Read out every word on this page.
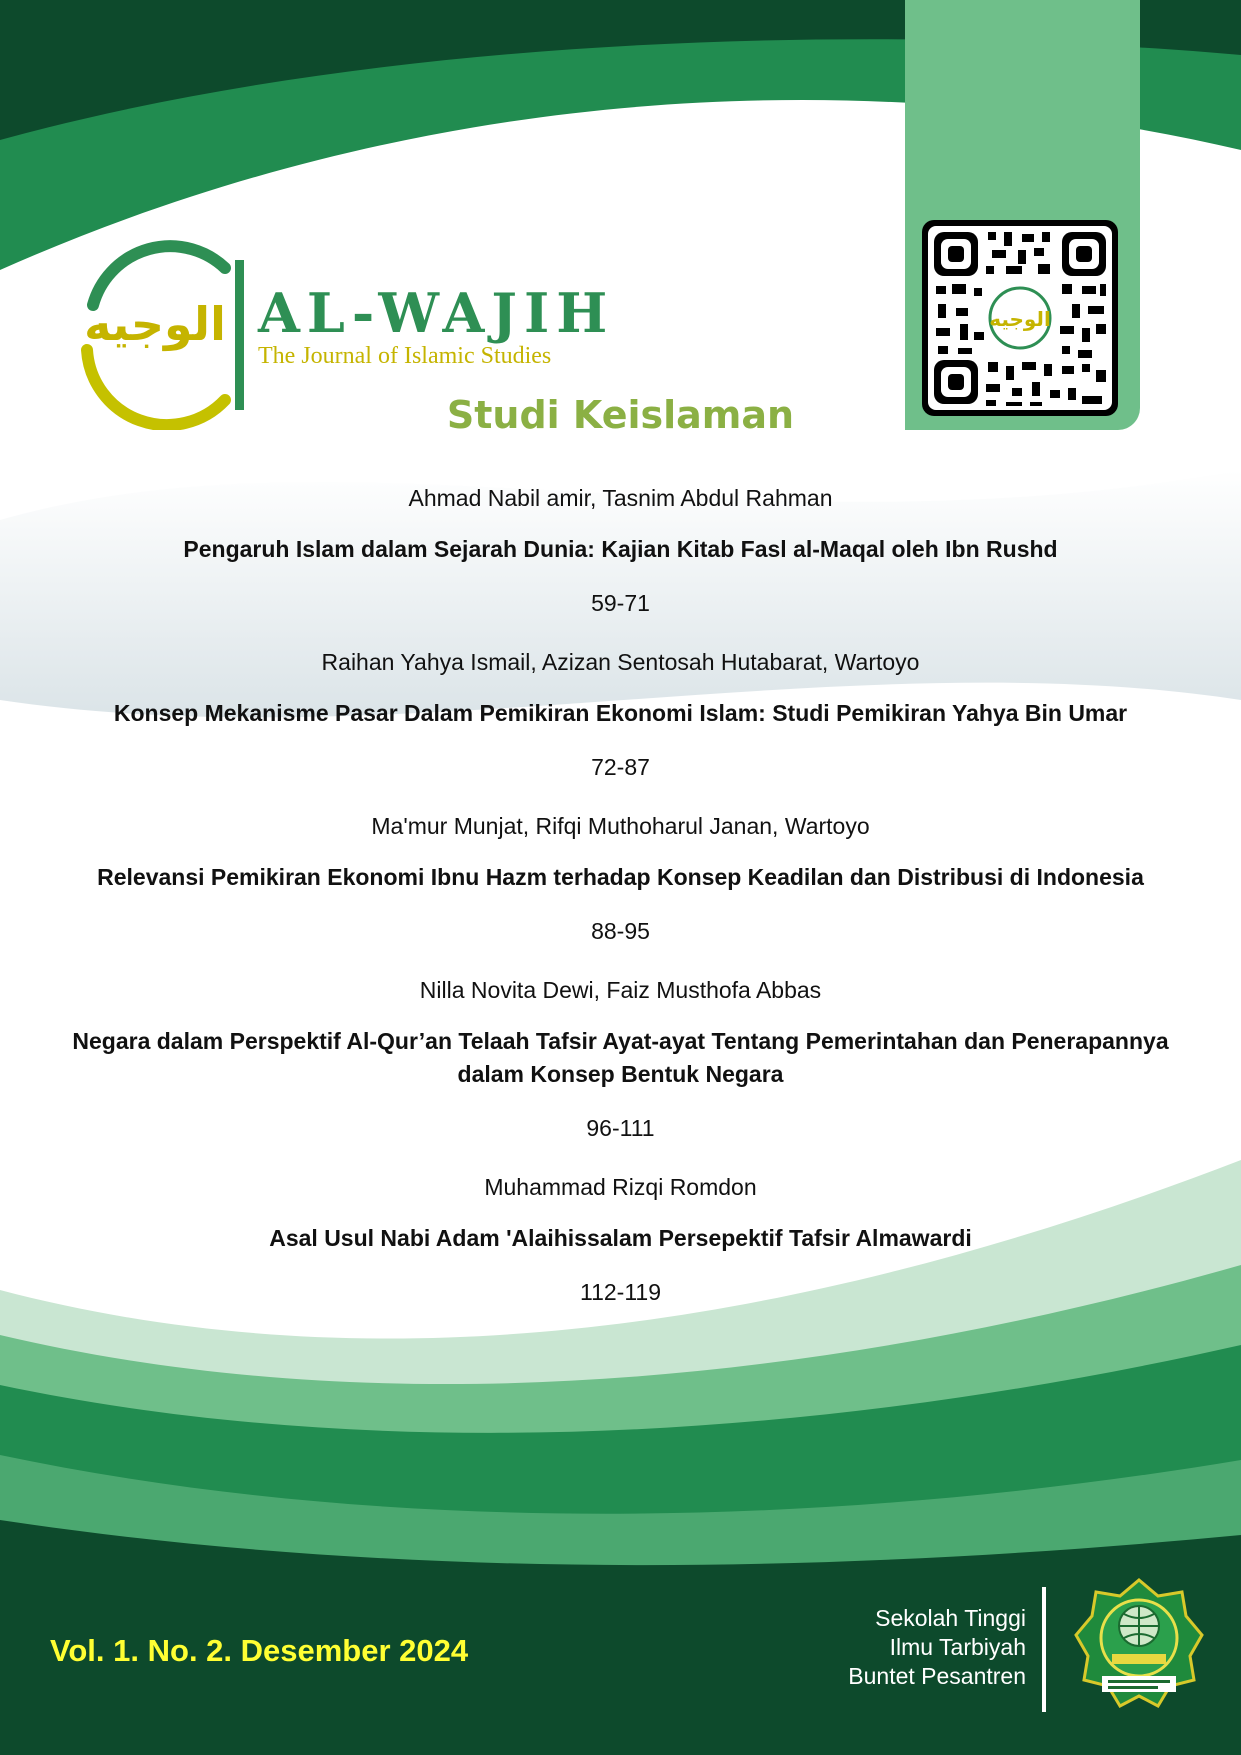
الوجيه
الوجيه AL-WAJIH
The Journal of Islamic Studies
Studi Keislaman
Ahmad Nabil amir, Tasnim Abdul Rahman
Pengaruh Islam dalam Sejarah Dunia: Kajian Kitab Fasl al-Maqal oleh Ibn Rushd
59-71
Raihan Yahya Ismail, Azizan Sentosah Hutabarat, Wartoyo
Konsep Mekanisme Pasar Dalam Pemikiran Ekonomi Islam: Studi Pemikiran Yahya Bin Umar
72-87
Ma'mur Munjat, Rifqi Muthoharul Janan, Wartoyo
Relevansi Pemikiran Ekonomi Ibnu Hazm terhadap Konsep Keadilan dan Distribusi di Indonesia
88-95
Nilla Novita Dewi, Faiz Musthofa Abbas
Negara dalam Perspektif Al-Qur’an Telaah Tafsir Ayat-ayat Tentang Pemerintahan dan Penerapannya dalam Konsep Bentuk Negara
96-111
Muhammad Rizqi Romdon
Asal Usul Nabi Adam 'Alaihissalam Persepektif Tafsir Almawardi
112-119
Vol. 1. No. 2. Desember 2024
Sekolah Tinggi
Ilmu Tarbiyah
Buntet Pesantren
